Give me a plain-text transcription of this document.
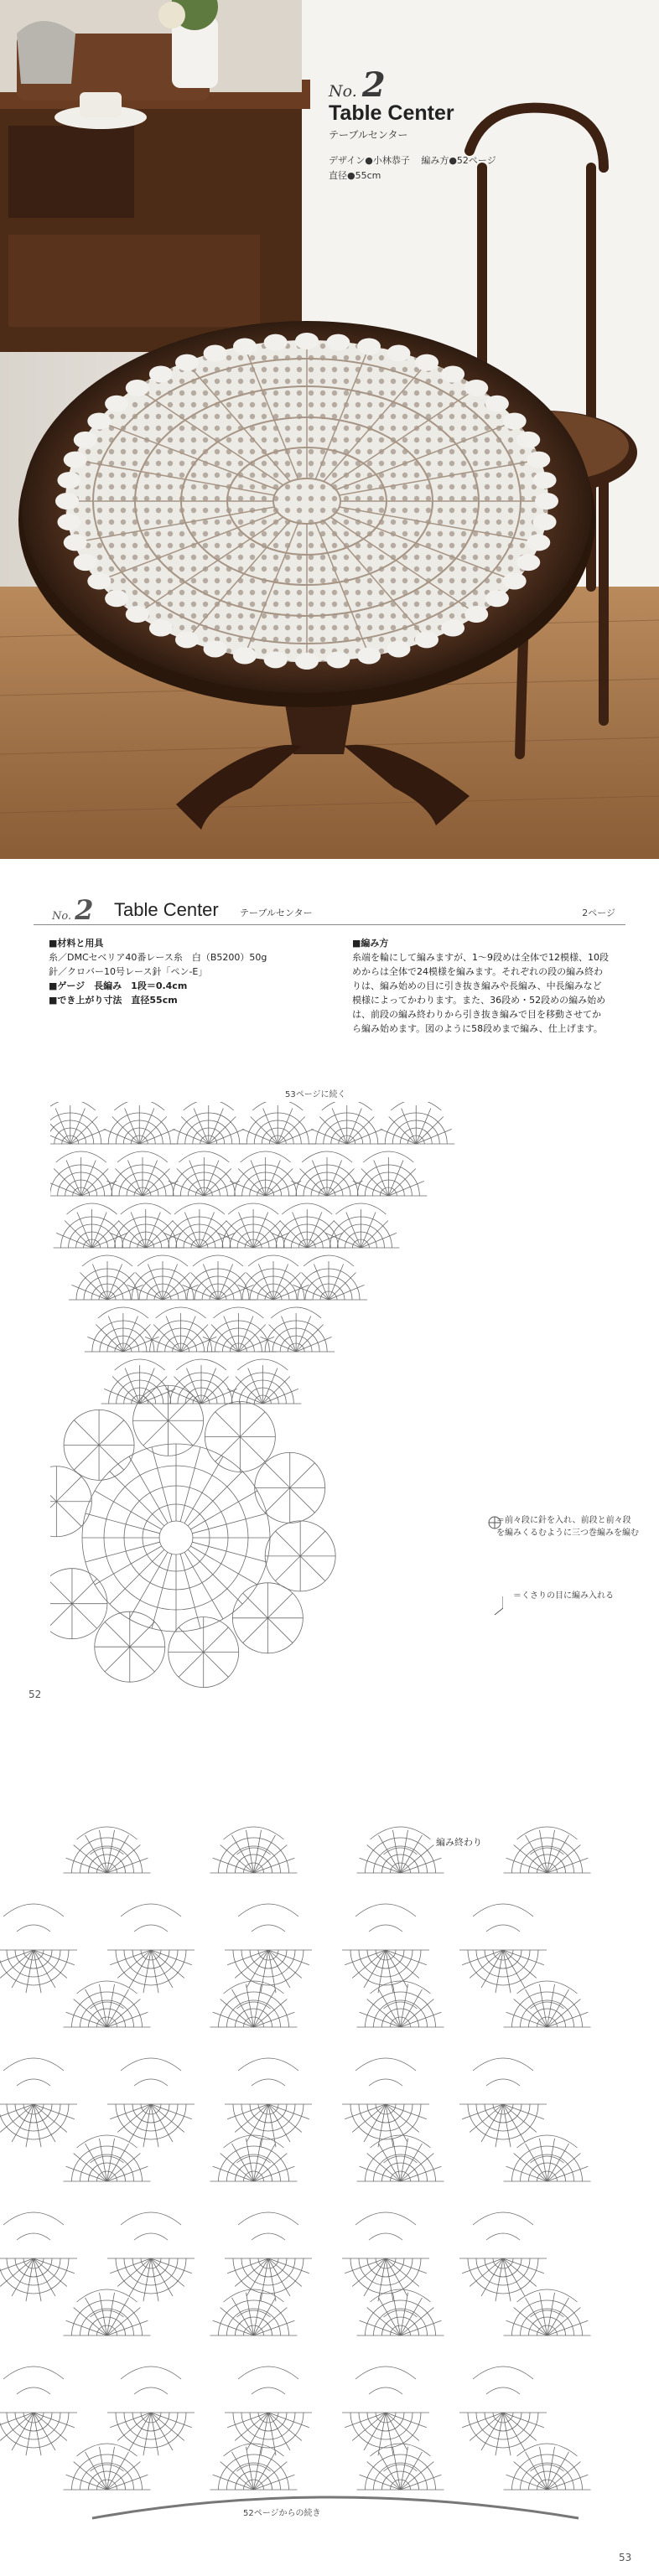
No. 2
Table Center
テーブルセンター
デザイン●小林恭子 編み方●52ページ
直径●55cm
No. 2 Table Center テーブルセンター	2ページ
■材料と用具
糸／DMCセベリア40番レース糸　白（B5200）50g
針／クロバー10号レース針「ペン-E」
■ゲージ　長編み　1段＝0.4cm
■でき上がり寸法　直径55cm
■編み方
糸端を輪にして編みますが、1〜9段めは全体で12模様、10段
めからは全体で24模様を編みます。それぞれの段の編み終わ
りは、編み始めの目に引き抜き編みや長編み、中長編みなど
模様によってかわります。また、36段め・52段めの編み始め
は、前段の編み終わりから引き抜き編みで目を移動させてか
ら編み始めます。図のように58段めまで編み、仕上げます。
53ページに続く
＝前々段に針を入れ、前段と前々段を編みくるむように三つ巻編みを編む
＝くさりの目に編み入れる
52
編み終わり
52ページからの続き
53
